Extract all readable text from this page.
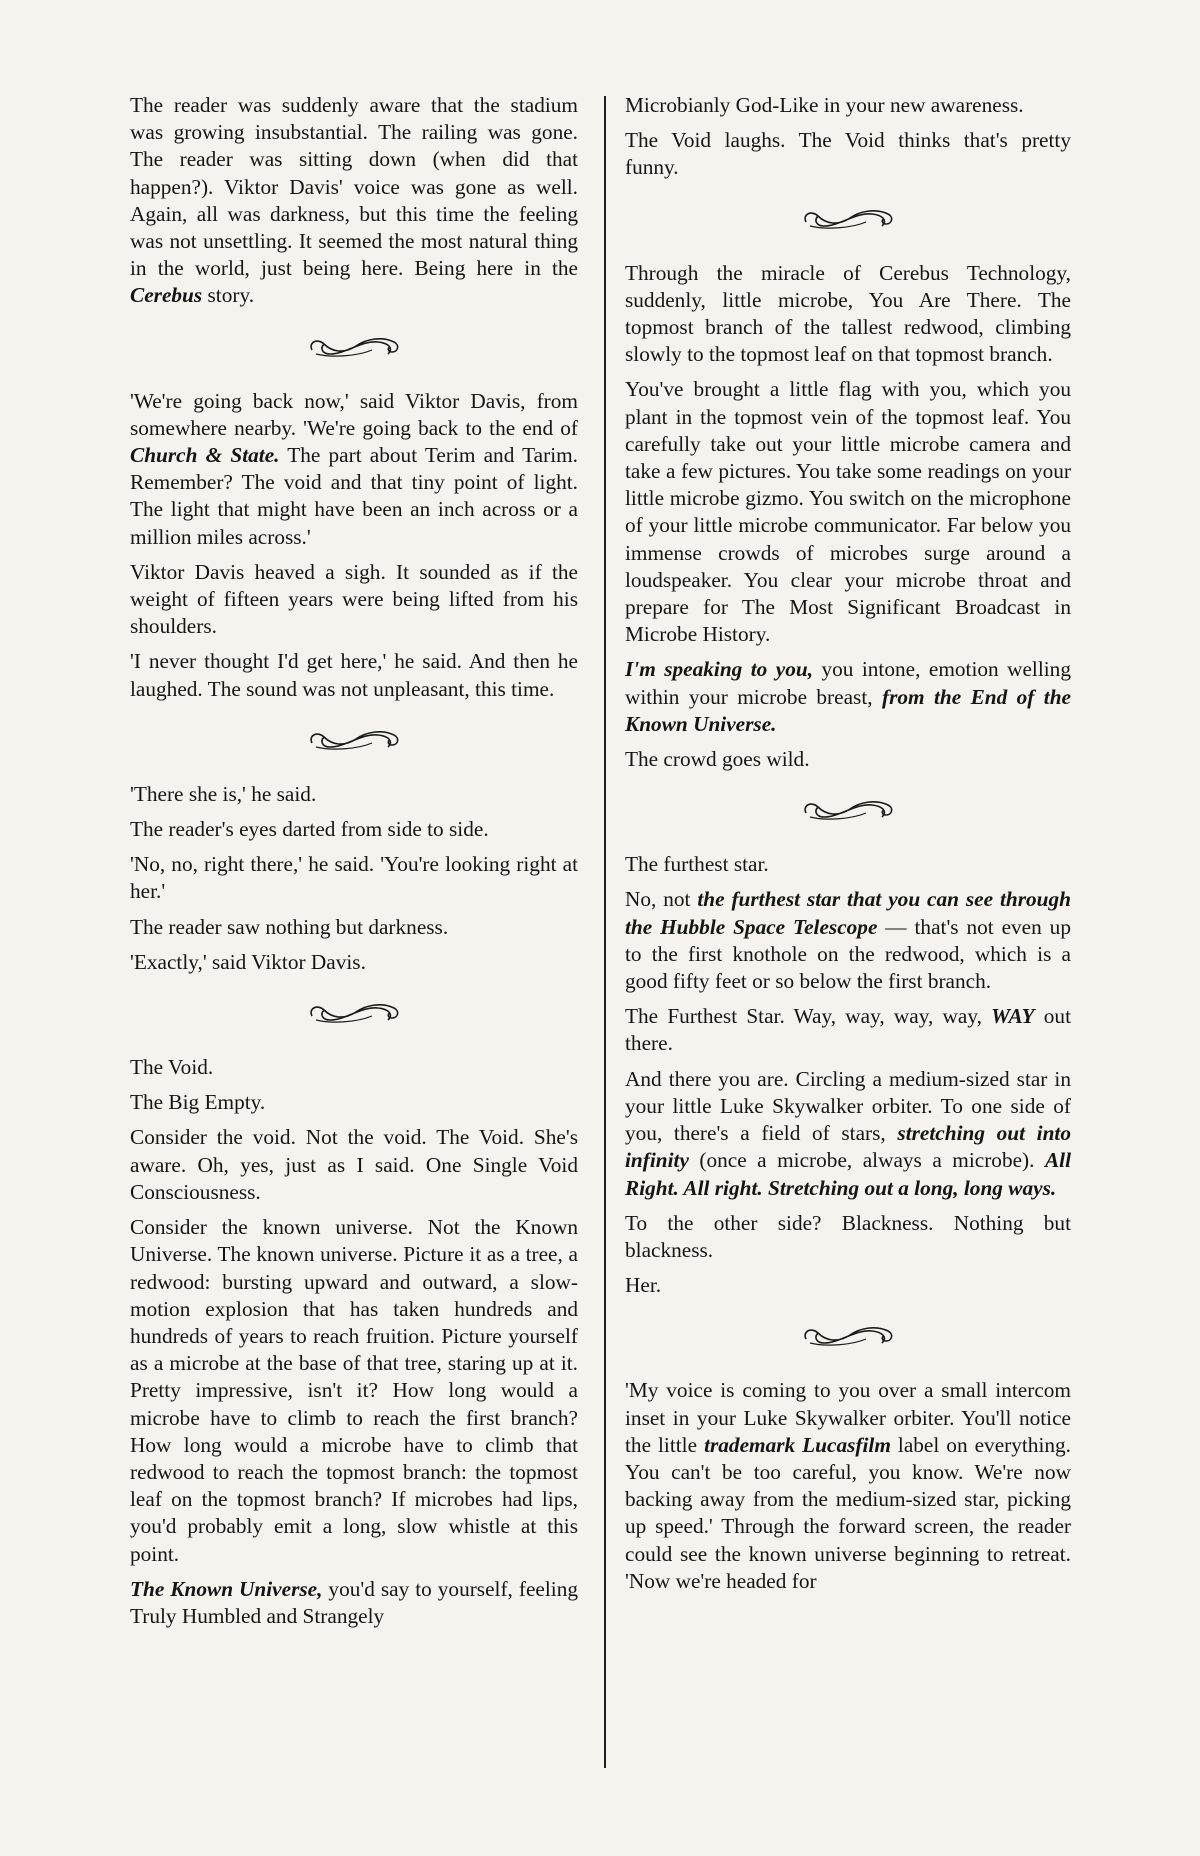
The reader was suddenly aware that the stadium was growing insubstantial. The railing was gone. The reader was sitting down (when did that happen?). Viktor Davis' voice was gone as well. Again, all was darkness, but this time the feeling was not unsettling. It seemed the most natural thing in the world, just being here. Being here in the Cerebus story.

'We're going back now,' said Viktor Davis, from somewhere nearby. 'We're going back to the end of Church & State. The part about Terim and Tarim. Remember? The void and that tiny point of light. The light that might have been an inch across or a million miles across.'

Viktor Davis heaved a sigh. It sounded as if the weight of fifteen years were being lifted from his shoulders.

'I never thought I'd get here,' he said. And then he laughed. The sound was not unpleasant, this time.

'There she is,' he said.

The reader's eyes darted from side to side.

'No, no, right there,' he said. 'You're looking right at her.'

The reader saw nothing but darkness.

'Exactly,' said Viktor Davis.

The Void.

The Big Empty.

Consider the void. Not the void. The Void. She's aware. Oh, yes, just as I said. One Single Void Consciousness.

Consider the known universe. Not the Known Universe. The known universe. Picture it as a tree, a redwood: bursting upward and outward, a slow-motion explosion that has taken hundreds and hundreds of years to reach fruition. Picture yourself as a microbe at the base of that tree, staring up at it. Pretty impressive, isn't it? How long would a microbe have to climb to reach the first branch? How long would a microbe have to climb that redwood to reach the topmost branch: the topmost leaf on the topmost branch? If microbes had lips, you'd probably emit a long, slow whistle at this point.

The Known Universe, you'd say to yourself, feeling Truly Humbled and Strangely

Microbianly God-Like in your new awareness.

The Void laughs. The Void thinks that's pretty funny.

Through the miracle of Cerebus Technology, suddenly, little microbe, You Are There. The topmost branch of the tallest redwood, climbing slowly to the topmost leaf on that topmost branch.

You've brought a little flag with you, which you plant in the topmost vein of the topmost leaf. You carefully take out your little microbe camera and take a few pictures. You take some readings on your little microbe gizmo. You switch on the microphone of your little microbe communicator. Far below you immense crowds of microbes surge around a loudspeaker. You clear your microbe throat and prepare for The Most Significant Broadcast in Microbe History.

I'm speaking to you, you intone, emotion welling within your microbe breast, from the End of the Known Universe.

The crowd goes wild.

The furthest star.

No, not the furthest star that you can see through the Hubble Space Telescope — that's not even up to the first knothole on the redwood, which is a good fifty feet or so below the first branch.

The Furthest Star. Way, way, way, way, WAY out there.

And there you are. Circling a medium-sized star in your little Luke Skywalker orbiter. To one side of you, there's a field of stars, stretching out into infinity (once a microbe, always a microbe). All Right. All right. Stretching out a long, long ways.

To the other side? Blackness. Nothing but blackness.

Her.

'My voice is coming to you over a small intercom inset in your Luke Skywalker orbiter. You'll notice the little trademark Lucasfilm label on everything. You can't be too careful, you know. We're now backing away from the medium-sized star, picking up speed.' Through the forward screen, the reader could see the known universe beginning to retreat. 'Now we're headed for
